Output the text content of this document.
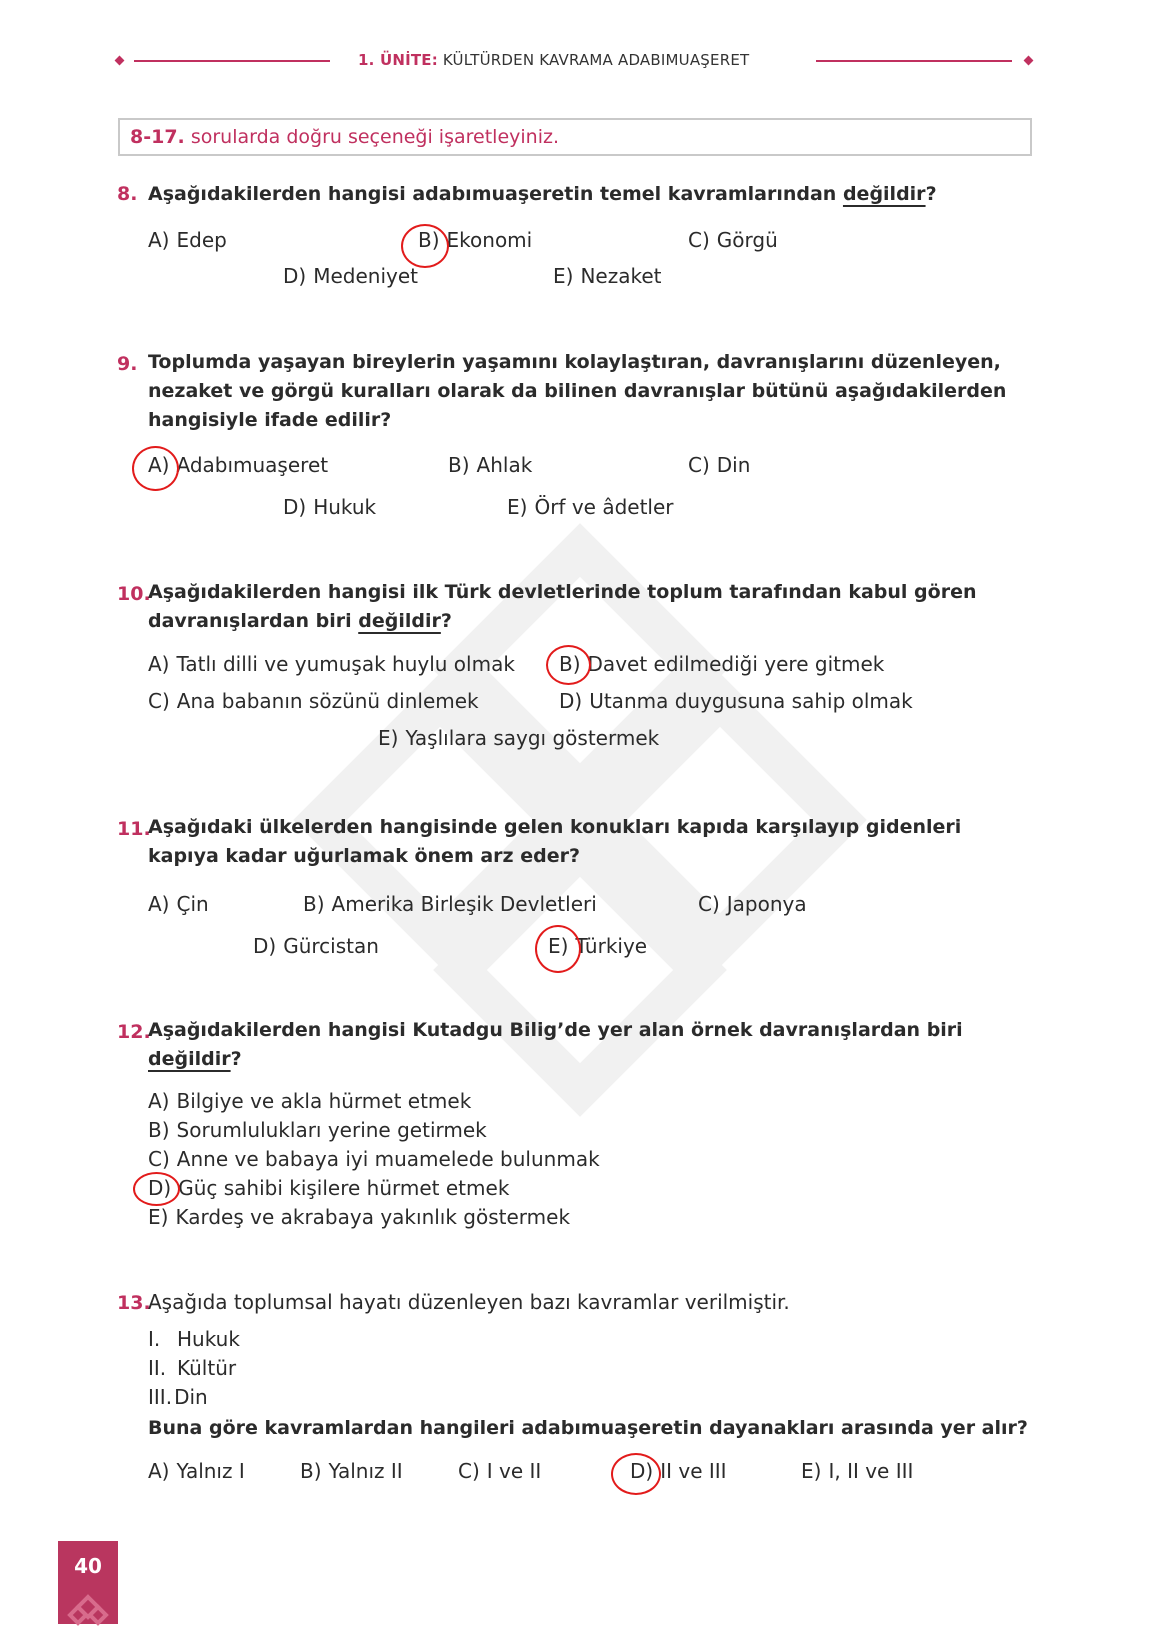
1. ÜNİTE: KÜLTÜRDEN KAVRAMA ADABIMUAŞERET
8-17. sorularda doğru seçeneği işaretleyiniz.
8. Aşağıdakilerden hangisi adabımuaşeretin temel kavramlarından değildir?
A) Edep	B) Ekonomi	C) Görgü
D) Medeniyet	E) Nezaket
9. Toplumda yaşayan bireylerin yaşamını kolaylaştıran, davranışlarını düzenleyen,
nezaket ve görgü kuralları olarak da bilinen davranışlar bütünü aşağıdakilerden
hangisiyle ifade edilir?
A) Adabımuaşeret	B) Ahlak	C) Din
D) Hukuk	E) Örf ve âdetler
10.
Aşağıdakilerden hangisi ilk Türk devletlerinde toplum tarafından kabul gören
davranışlardan biri değildir?
A) Tatlı dilli ve yumuşak huylu olmak B) Davet edilmediği yere gitmek
C) Ana babanın sözünü dinlemek	D) Utanma duygusuna sahip olmak
E) Yaşlılara saygı göstermek
11.
Aşağıdaki ülkelerden hangisinde gelen konukları kapıda karşılayıp gidenleri
kapıya kadar uğurlamak önem arz eder?
A) Çin	B) Amerika Birleşik Devletleri	C) Japonya
D) Gürcistan	E) Türkiye
12.
Aşağıdakilerden hangisi Kutadgu Bilig’de yer alan örnek davranışlardan biri
değildir?
A) Bilgiye ve akla hürmet etmek
B) Sorumlulukları yerine getirmek
C) Anne ve babaya iyi muamelede bulunmak
D) Güç sahibi kişilere hürmet etmek
E) Kardeş ve akrabaya yakınlık göstermek
13.
Aşağıda toplumsal hayatı düzenleyen bazı kavramlar verilmiştir.
I. Hukuk
II. Kültür
III. Din
Buna göre kavramlardan hangileri adabımuaşeretin dayanakları arasında yer alır?
A) Yalnız I	B) Yalnız II	C) I ve II	D) II ve III	E) I, II ve III
40
